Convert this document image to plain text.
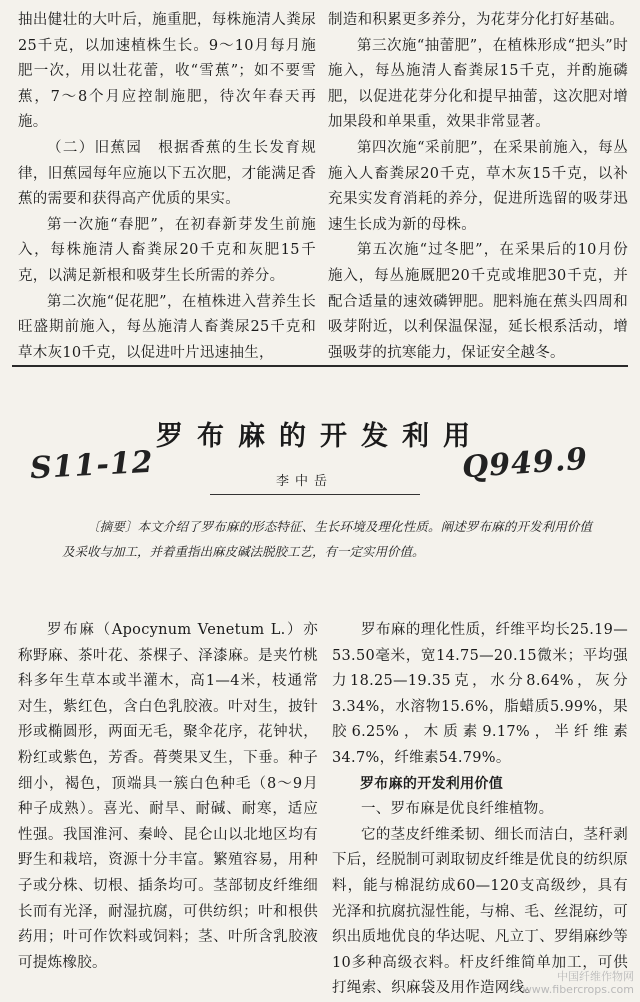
抽出健壮的大叶后，施重肥，每株施清人粪尿25千克，以加速植株生长。9～10月每月施肥一次，用以壮花蕾，收“雪蕉”；如不要雪蕉，7～8个月应控制施肥，待次年春天再施。

（二）旧蕉园　根据香蕉的生长发育规律，旧蕉园每年应施以下五次肥，才能满足香蕉的需要和获得高产优质的果实。

第一次施“春肥”，在初春新芽发生前施入，每株施清人畜粪尿20千克和灰肥15千克，以满足新根和吸芽生长所需的养分。

第二次施“促花肥”，在植株进入营养生长旺盛期前施入，每丛施清人畜粪尿25千克和草木灰10千克，以促进叶片迅速抽生，

制造和积累更多养分，为花芽分化打好基础。

第三次施“抽蕾肥”，在植株形成“把头”时施入，每丛施清人畜粪尿15千克，并酌施磷肥，以促进花芽分化和提早抽蕾，这次肥对增加果段和单果重，效果非常显著。

第四次施“采前肥”，在采果前施入，每丛施入人畜粪尿20千克，草木灰15千克，以补充果实发育消耗的养分，促进所选留的吸芽迅速生长成为新的母株。

第五次施“过冬肥”，在采果后的10月份施入，每丛施厩肥20千克或堆肥30千克，并配合适量的速效磷钾肥。肥料施在蕉头四周和吸芽附近，以利保温保湿，延长根系活动，增强吸芽的抗寒能力，保证安全越冬。

罗布麻的开发利用
S11-12	Q949.9
李中岳
〔摘要〕本文介绍了罗布麻的形态特征、生长环境及理化性质。阐述罗布麻的开发利用价值及采收与加工，并着重指出麻皮碱法脱胶工艺，有一定实用价值。

罗布麻（Apocynum Venetum L.）亦称野麻、茶叶花、茶棵子、泽漆麻。是夹竹桃科多年生草本或半灌木，高1—4米，枝通常对生，紫红色，含白色乳胶液。叶对生，披针形或椭圆形，两面无毛，聚伞花序，花钟状，粉红或紫色，芳香。蓇葖果叉生，下垂。种子细小，褐色，顶端具一簇白色种毛（8～9月种子成熟）。喜光、耐旱、耐碱、耐寒，适应性强。我国淮河、秦岭、昆仑山以北地区均有野生和栽培，资源十分丰富。繁殖容易，用种子或分株、切根、插条均可。茎部韧皮纤维细长而有光泽，耐湿抗腐，可供纺织；叶和根供药用；叶可作饮料或饲料；茎、叶所含乳胶液可提炼橡胶。

罗布麻的理化性质，纤维平均长25.19—53.50毫米，宽14.75—20.15微米；平均强力18.25—19.35克，水分8.64%，灰分3.34%，水溶物15.6%，脂蜡质5.99%，果胶6.25%，木质素9.17%，半纤维素34.7%，纤维素54.79%。

罗布麻的开发利用价值

一、罗布麻是优良纤维植物。

它的茎皮纤维柔韧、细长而洁白，茎秆剥下后，经脱制可剥取韧皮纤维是优良的纺织原料，能与棉混纺成60—120支高级纱，具有光泽和抗腐抗湿性能，与棉、毛、丝混纺，可织出质地优良的华达呢、凡立丁、罗绢麻纱等10多种高级衣料。杆皮纤维简单加工，可供打绳索、织麻袋及用作造网线。

中国纤维作物网
www.fibercrops.com
